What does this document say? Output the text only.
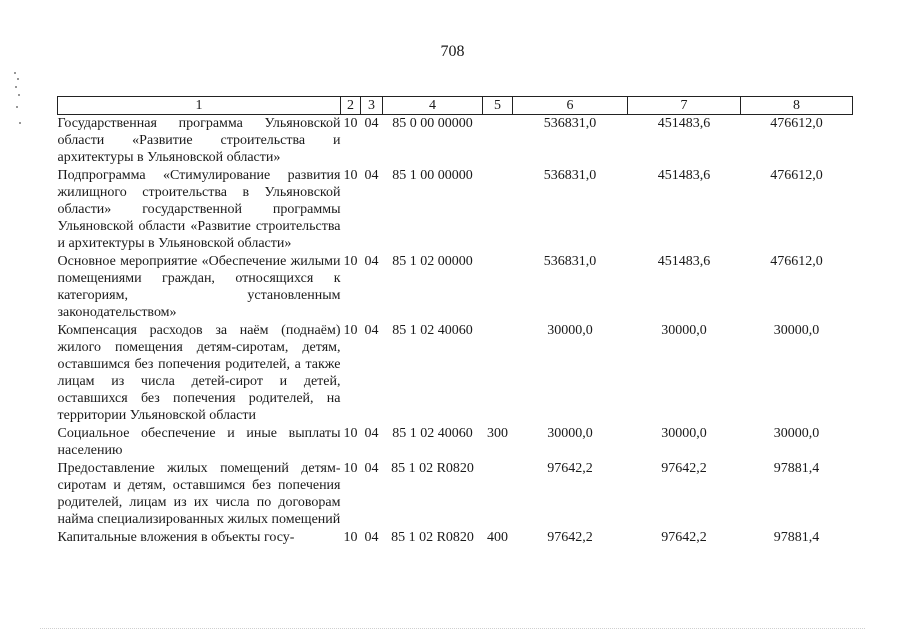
708
1	2	3	4	5	6	7	8
Государственная программа Ульяновской области «Развитие строительства и архитектуры в Ульяновской области»	10	04	85 0 00 00000		536831,0	451483,6	476612,0
Подпрограмма «Стимулирование развития жилищного строительства в Ульяновской области» государственной программы Ульяновской области «Развитие строительства и архитектуры в Ульяновской области»	10	04	85 1 00 00000		536831,0	451483,6	476612,0
Основное мероприятие «Обеспечение жилыми помещениями граждан, относящихся к категориям, установленным законодательством»	10	04	85 1 02 00000		536831,0	451483,6	476612,0
Компенсация расходов за наём (поднаём) жилого помещения детям-сиротам, детям, оставшимся без попечения родителей, а также лицам из числа детей-сирот и детей, оставшихся без попечения родителей, на территории Ульяновской области	10	04	85 1 02 40060		30000,0	30000,0	30000,0
Социальное обеспечение и иные выплаты населению	10	04	85 1 02 40060	300	30000,0	30000,0	30000,0
Предоставление жилых помещений детям-сиротам и детям, оставшимся без попечения родителей, лицам из их числа по договорам найма специализированных жилых помещений	10	04	85 1 02 R0820		97642,2	97642,2	97881,4
Капитальные вложения в объекты госу-	10	04	85 1 02 R0820	400	97642,2	97642,2	97881,4
